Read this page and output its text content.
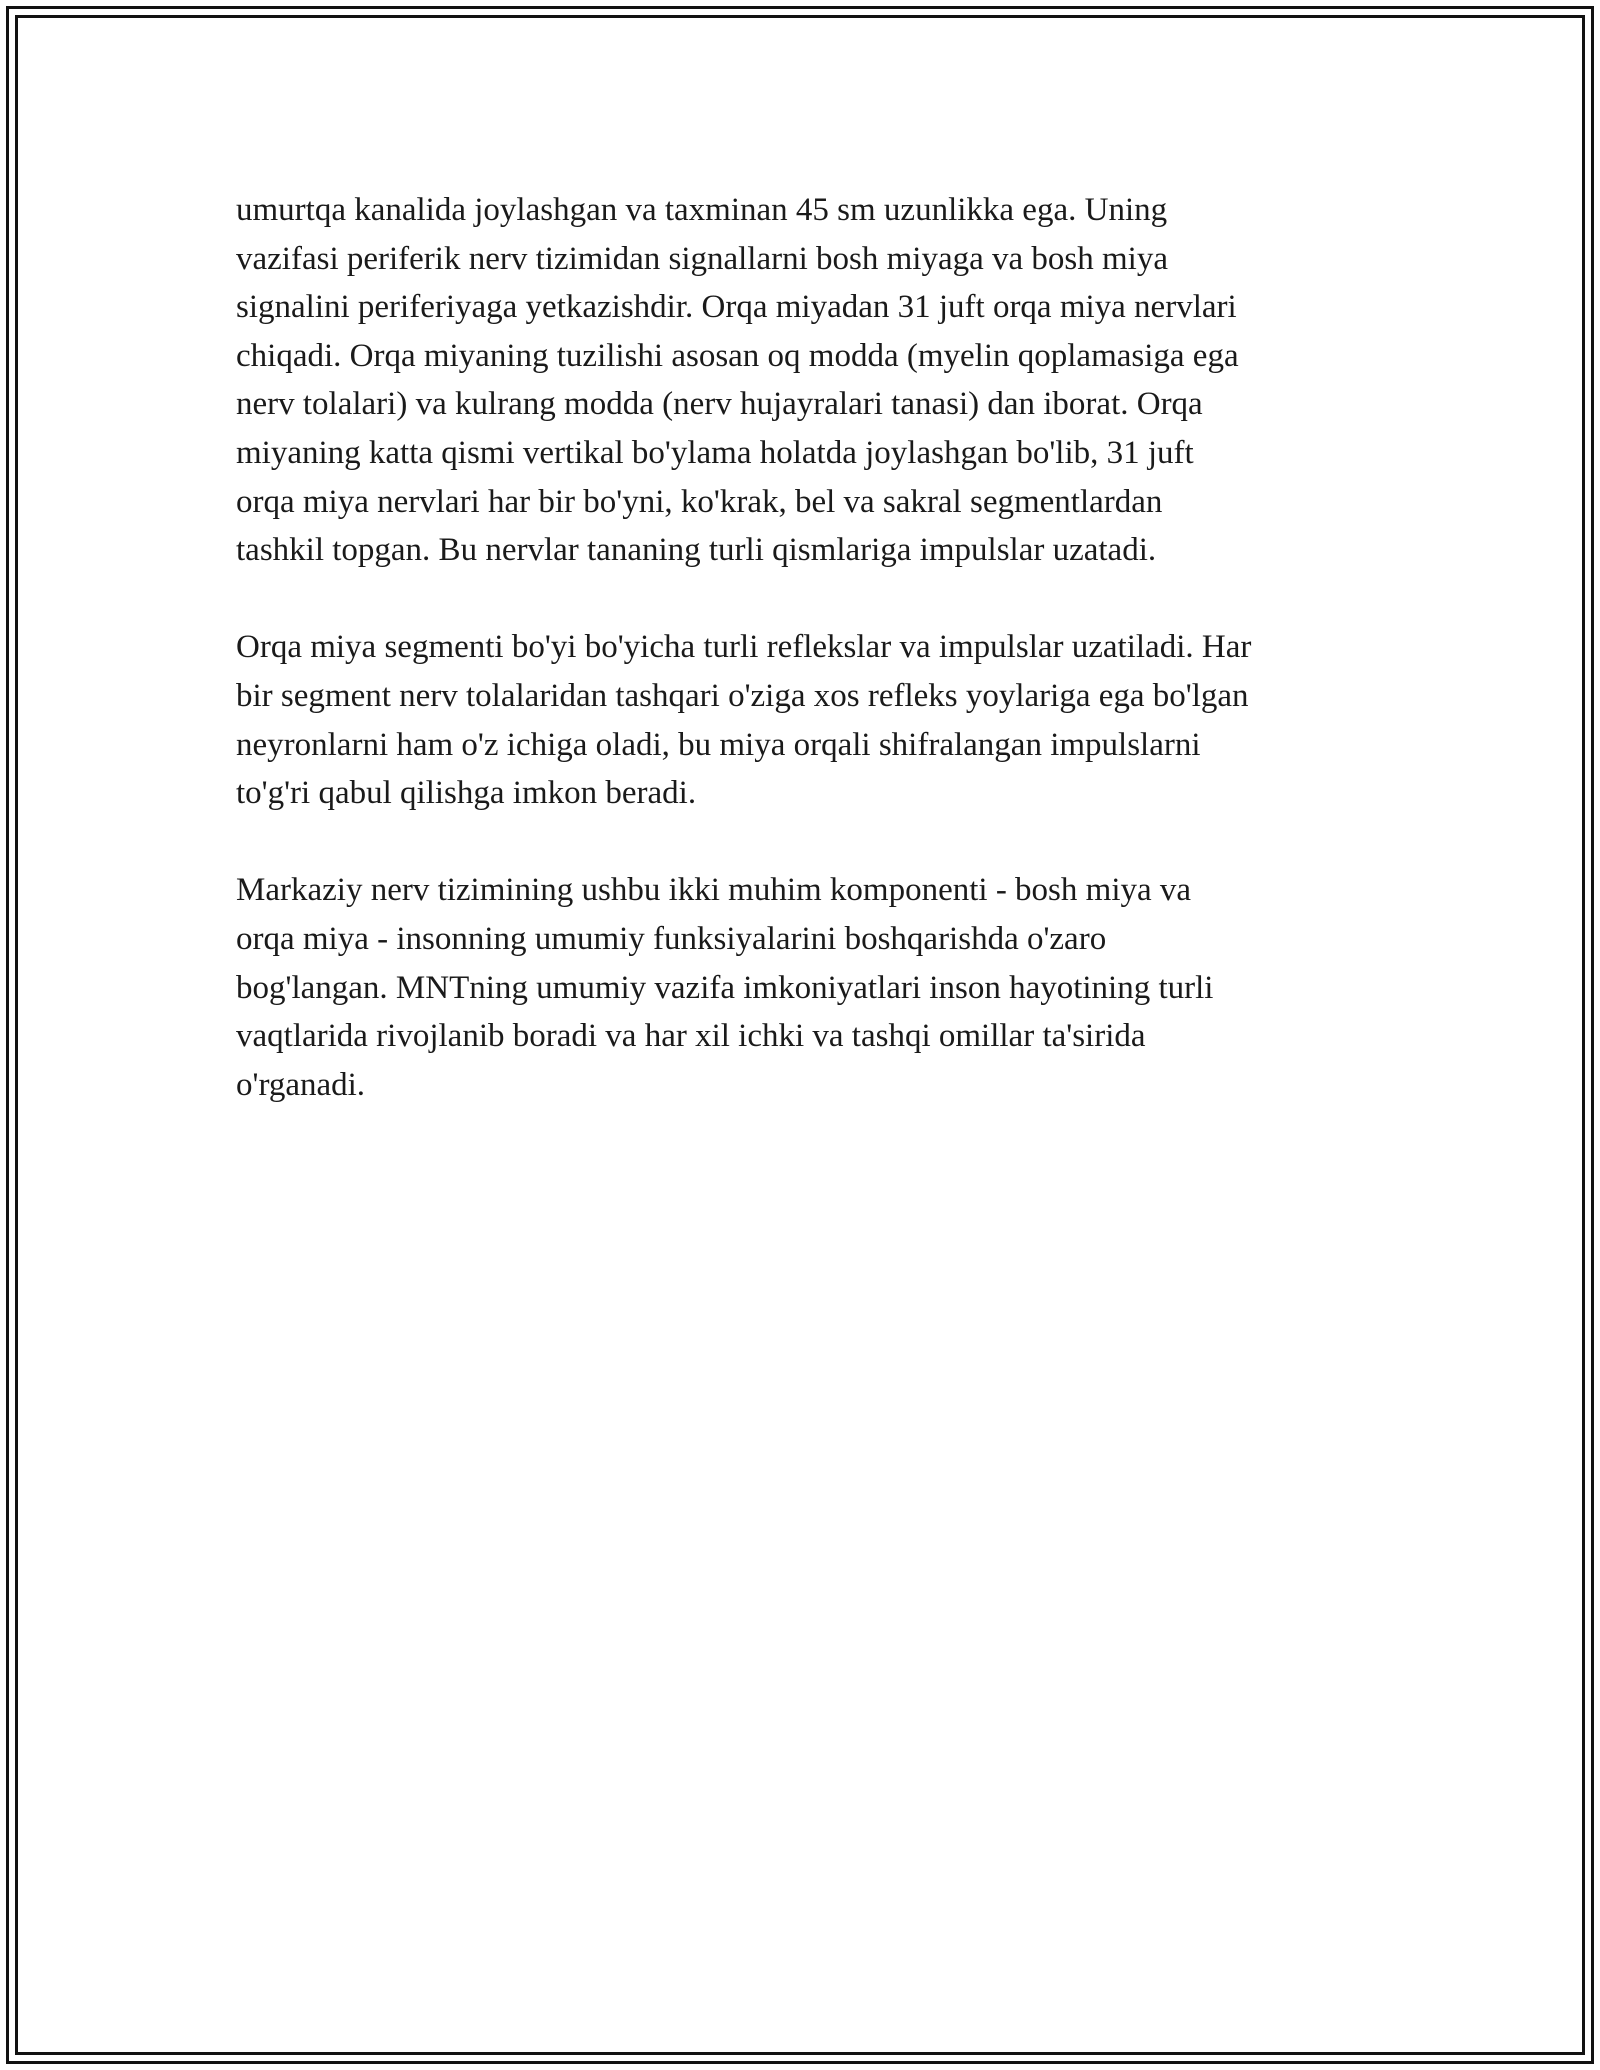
umurtqa kanalida joylashgan va taxminan 45 sm uzunlikka ega. Uning
vazifasi periferik nerv tizimidan signallarni bosh miyaga va bosh miya
signalini periferiyaga yetkazishdir. Orqa miyadan 31 juft orqa miya nervlari
chiqadi. Orqa miyaning tuzilishi asosan oq modda (myelin qoplamasiga ega
nerv tolalari) va kulrang modda (nerv hujayralari tanasi) dan iborat. Orqa
miyaning katta qismi vertikal bo'ylama holatda joylashgan bo'lib, 31 juft
orqa miya nervlari har bir bo'yni, ko'krak, bel va sakral segmentlardan
tashkil topgan. Bu nervlar tananing turli qismlariga impulslar uzatadi.

Orqa miya segmenti bo'yi bo'yicha turli reflekslar va impulslar uzatiladi. Har
bir segment nerv tolalaridan tashqari o'ziga xos refleks yoylariga ega bo'lgan
neyronlarni ham o'z ichiga oladi, bu miya orqali shifralangan impulslarni
to'g'ri qabul qilishga imkon beradi.

Markaziy nerv tizimining ushbu ikki muhim komponenti - bosh miya va
orqa miya - insonning umumiy funksiyalarini boshqarishda o'zaro
bog'langan. MNTning umumiy vazifa imkoniyatlari inson hayotining turli
vaqtlarida rivojlanib boradi va har xil ichki va tashqi omillar ta'sirida
o'rganadi.
